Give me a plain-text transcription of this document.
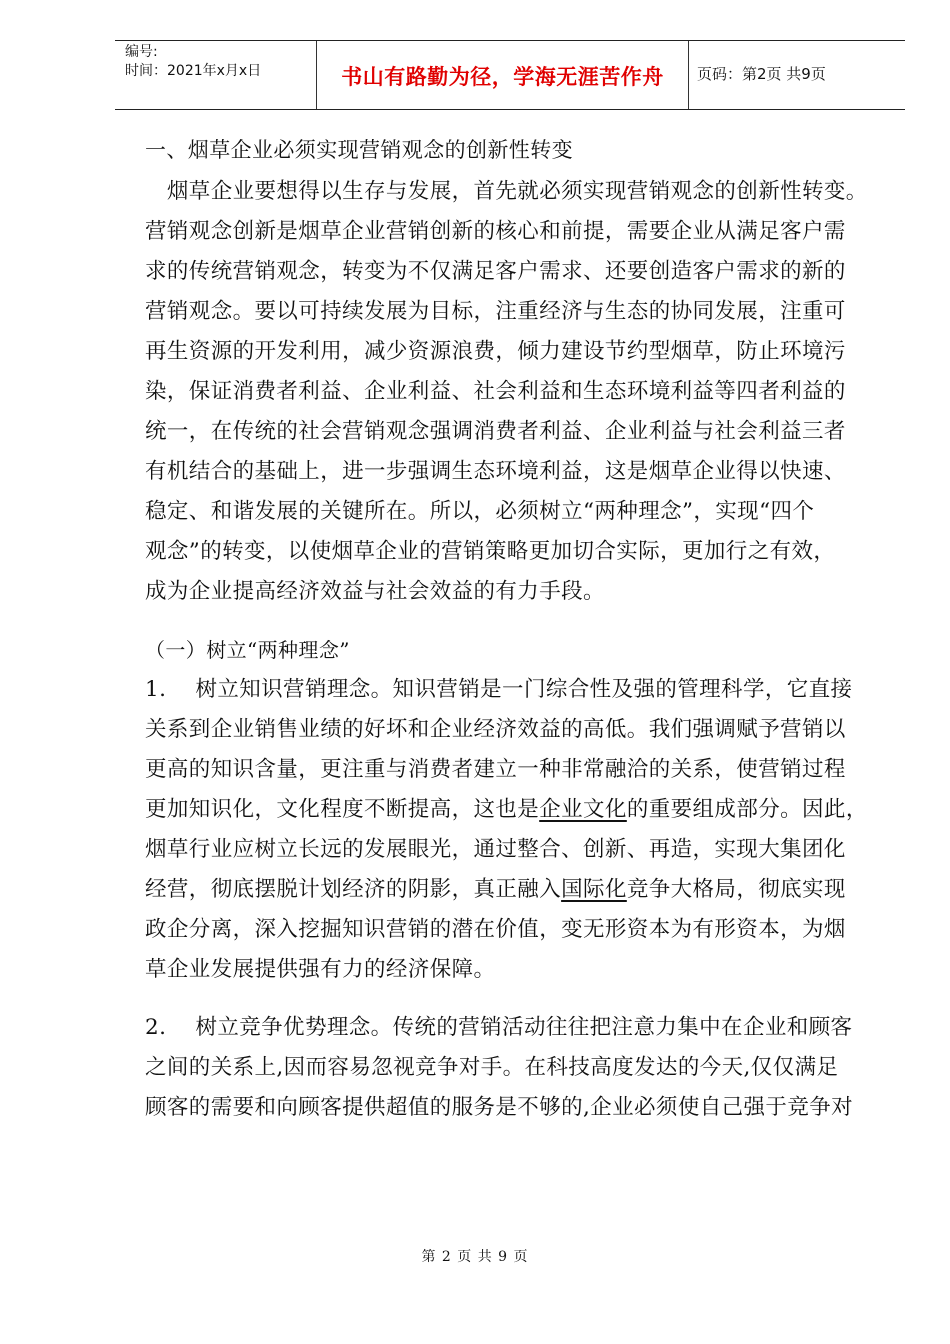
编号:
时间：2021年x月x日	书山有路勤为径，学海无涯苦作舟 页码：第2页 共9页
一、烟草企业必须实现营销观念的创新性转变
　烟草企业要想得以生存与发展，首先就必须实现营销观念的创新性转变。
营销观念创新是烟草企业营销创新的核心和前提，需要企业从满足客户需
求的传统营销观念，转变为不仅满足客户需求、还要创造客户需求的新的
营销观念。要以可持续发展为目标，注重经济与生态的协同发展，注重可
再生资源的开发利用，减少资源浪费，倾力建设节约型烟草，防止环境污
染，保证消费者利益、企业利益、社会利益和生态环境利益等四者利益的
统一，在传统的社会营销观念强调消费者利益、企业利益与社会利益三者
有机结合的基础上，进一步强调生态环境利益，这是烟草企业得以快速、
稳定、和谐发展的关键所在。所以，必须树立“两种理念”，实现“四个
观念”的转变，以使烟草企业的营销策略更加切合实际，更加行之有效，
成为企业提高经济效益与社会效益的有力手段。
（一）树立“两种理念”
1.　 树立知识营销理念。知识营销是一门综合性及强的管理科学，它直接
关系到企业销售业绩的好坏和企业经济效益的高低。我们强调赋予营销以
更高的知识含量，更注重与消费者建立一种非常融洽的关系，使营销过程
更加知识化，文化程度不断提高，这也是企业文化的重要组成部分。因此，
烟草行业应树立长远的发展眼光，通过整合、创新、再造，实现大集团化
经营，彻底摆脱计划经济的阴影，真正融入国际化竞争大格局，彻底实现
政企分离，深入挖掘知识营销的潜在价值，变无形资本为有形资本，为烟
草企业发展提供强有力的经济保障。
2.　 树立竞争优势理念。传统的营销活动往往把注意力集中在企业和顾客
之间的关系上,因而容易忽视竞争对手。在科技高度发达的今天,仅仅满足
顾客的需要和向顾客提供超值的服务是不够的,企业必须使自己强于竞争对
第 2 页 共 9 页
